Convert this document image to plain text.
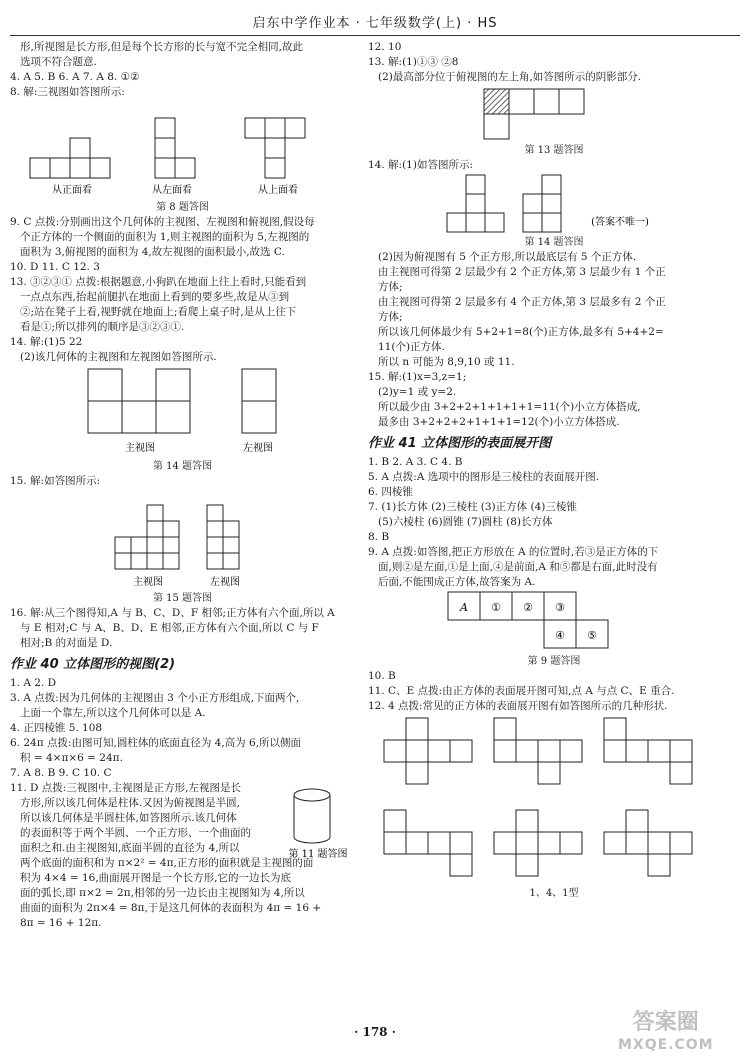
启东中学作业本 · 七年级数学(上) · HS
形,所视图是长方形,但是每个长方形的长与宽不完全相同,故此
选项不符合题意.
4. A 5. B 6. A 7. A 8. ①②
8. 解:三视图如答图所示:
从正面看	从左面看	从上面看
第 8 题答图
9. C 点拨:分别画出这个几何体的主视图、左视图和俯视图,假设每
个正方体的一个侧面的面积为 1,则主视图的面积为 5,左视图的
面积为 3,俯视图的面积为 4,故左视图的面积最小,故选 C.
10. D 11. C 12. 3
13. ③②③① 点拨:根据题意,小狗趴在地面上往上看时,只能看到
一点点东西,抬起前腿扒在地面上看到的要多些,故是从③到
②;站在凳子上看,视野就在地面上;看爬上桌子时,是从上往下
看是①;所以排列的顺序是③②③①.
14. 解:(1)5 22
(2)该几何体的主视图和左视图如答图所示.
主视图	左视图
第 14 题答图
15. 解:如答图所示:
主视图	左视图
第 15 题答图
16. 解:从三个图得知,A 与 B、C、D、F 相邻;正方体有六个面,所以 A
与 E 相对;C 与 A、B、D、E 相邻,正方体有六个面,所以 C 与 F
相对;B 的对面是 D.
作业 40 立体图形的视图(2)
1. A 2. D
3. A 点拨:因为几何体的主视图由 3 个小正方形组成,下面两个,
上面一个靠左,所以这个几何体可以是 A.
4. 正四棱锥 5. 108
6. 24π 点拨:由图可知,圆柱体的底面直径为 4,高为 6,所以侧面
积 = 4×π×6 = 24π.
7. A 8. B 9. C 10. C
第 11 题答图
11. D 点拨:三视图中,主视图是正方形,左视图是长
方形,所以该几何体是柱体.又因为俯视图是半圆,
所以该几何体是半圆柱体,如答图所示.该几何体
的表面积等于两个半圆、一个正方形、一个曲面的
面积之和.由主视图知,底面半圆的直径为 4,所以
两个底面的面积和为 π×2² = 4π,正方形的面积就是主视图的面
积为 4×4 = 16,曲面展开图是一个长方形,它的一边长为底
面的弧长,即 π×2 = 2π,相邻的另一边长由主视图知为 4,所以
曲面的面积为 2π×4 = 8π,于是这几何体的表面积为 4π = 16 +
8π = 16 + 12π.
12. 10
13. 解:(1)①③ ②8
(2)最高部分位于俯视图的左上角,如答图所示的阴影部分.
第 13 题答图
14. 解:(1)如答图所示:
(答案不唯一)
第 14 题答图
(2)因为俯视图有 5 个正方形,所以最底层有 5 个正方体.
由主视图可得第 2 层最少有 2 个正方体,第 3 层最少有 1 个正
方体;
由主视图可得第 2 层最多有 4 个正方体,第 3 层最多有 2 个正
方体;
所以该几何体最少有 5+2+1=8(个)正方体,最多有 5+4+2=
11(个)正方体.
所以 n 可能为 8,9,10 或 11.
15. 解:(1)x=3,z=1;
(2)y=1 或 y=2.
所以最少由 3+2+2+1+1+1+1=11(个)小立方体搭成,
最多由 3+2+2+2+1+1+1=12(个)小立方体搭成.
作业 41 立体图形的表面展开图
1. B 2. A 3. C 4. B
5. A 点拨:A 选项中的图形是三棱柱的表面展开图.
6. 四棱锥
7. (1)长方体 (2)三棱柱 (3)正方体 (4)三棱锥
(5)六棱柱 (6)圆锥 (7)圆柱 (8)长方体
8. B
9. A 点拨:如答图,把正方形放在 A 的位置时,若③是正方体的下
面,则②是左面,①是上面,④是前面,A 和⑤都是右面,此时没有
后面,不能围成正方体,故答案为 A.
A ① ② ③
④ ⑤
第 9 题答图
10. B
11. C、E 点拨:由正方体的表面展开图可知,点 A 与点 C、E 重合.
12. 4 点拨:常见的正方体的表面展开图有如答图所示的几种形状.
1、4、1型
· 178 ·	答案圈
MXQE.COM
